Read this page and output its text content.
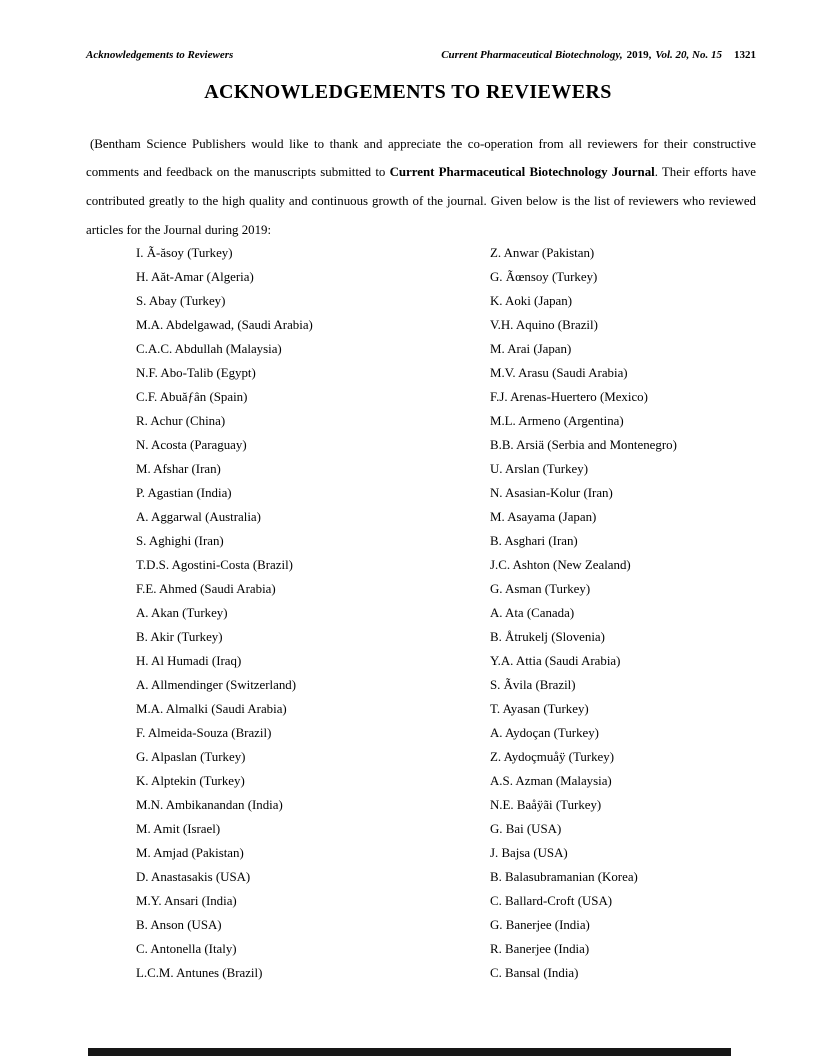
Acknowledgements to Reviewers	Current Pharmaceutical Biotechnology, 2019, Vol. 20, No. 15 1321
ACKNOWLEDGEMENTS TO REVIEWERS

(Bentham Science Publishers would like to thank and appreciate the co-operation from all reviewers for their constructive comments and feedback on the manuscripts submitted to Current Pharmaceutical Biotechnology Journal. Their efforts have contributed greatly to the high quality and continuous growth of the journal. Given below is the list of reviewers who reviewed articles for the Journal during 2019:

I. Ã-ăsoy (Turkey)
H. Aăt-Amar (Algeria)
S. Abay (Turkey)
M.A. Abdelgawad, (Saudi Arabia)
C.A.C. Abdullah (Malaysia)
N.F. Abo-Talib (Egypt)
C.F. Abuăƒân (Spain)
R. Achur (China)
N. Acosta (Paraguay)
M. Afshar (Iran)
P. Agastian (India)
A. Aggarwal (Australia)
S. Aghighi (Iran)
T.D.S. Agostini-Costa (Brazil)
F.E. Ahmed (Saudi Arabia)
A. Akan (Turkey)
B. Akir (Turkey)
H. Al Humadi (Iraq)
A. Allmendinger (Switzerland)
M.A. Almalki (Saudi Arabia)
F. Almeida-Souza (Brazil)
G. Alpaslan (Turkey)
K. Alptekin (Turkey)
M.N. Ambikanandan (India)
M. Amit (Israel)
M. Amjad (Pakistan)
D. Anastasakis (USA)
M.Y. Ansari (India)
B. Anson (USA)
C. Antonella (Italy)
L.C.M. Antunes (Brazil)
Z. Anwar (Pakistan)
G. Ãœnsoy (Turkey)
K. Aoki (Japan)
V.H. Aquino (Brazil)
M. Arai (Japan)
M.V. Arasu (Saudi Arabia)
F.J. Arenas-Huertero (Mexico)
M.L. Armeno (Argentina)
B.B. Arsiä (Serbia and Montenegro)
U. Arslan (Turkey)
N. Asasian-Kolur (Iran)
M. Asayama (Japan)
B. Asghari (Iran)
J.C. Ashton (New Zealand)
G. Asman (Turkey)
A. Ata (Canada)
B. Åtrukelj (Slovenia)
Y.A. Attia (Saudi Arabia)
S. Ãvila (Brazil)
T. Ayasan (Turkey)
A. Aydoçan (Turkey)
Z. Aydoçmuåÿ (Turkey)
A.S. Azman (Malaysia)
N.E. Baåÿãi (Turkey)
G. Bai (USA)
J. Bajsa (USA)
B. Balasubramanian (Korea)
C. Ballard-Croft (USA)
G. Banerjee (India)
R. Banerjee (India)
C. Bansal (India)
